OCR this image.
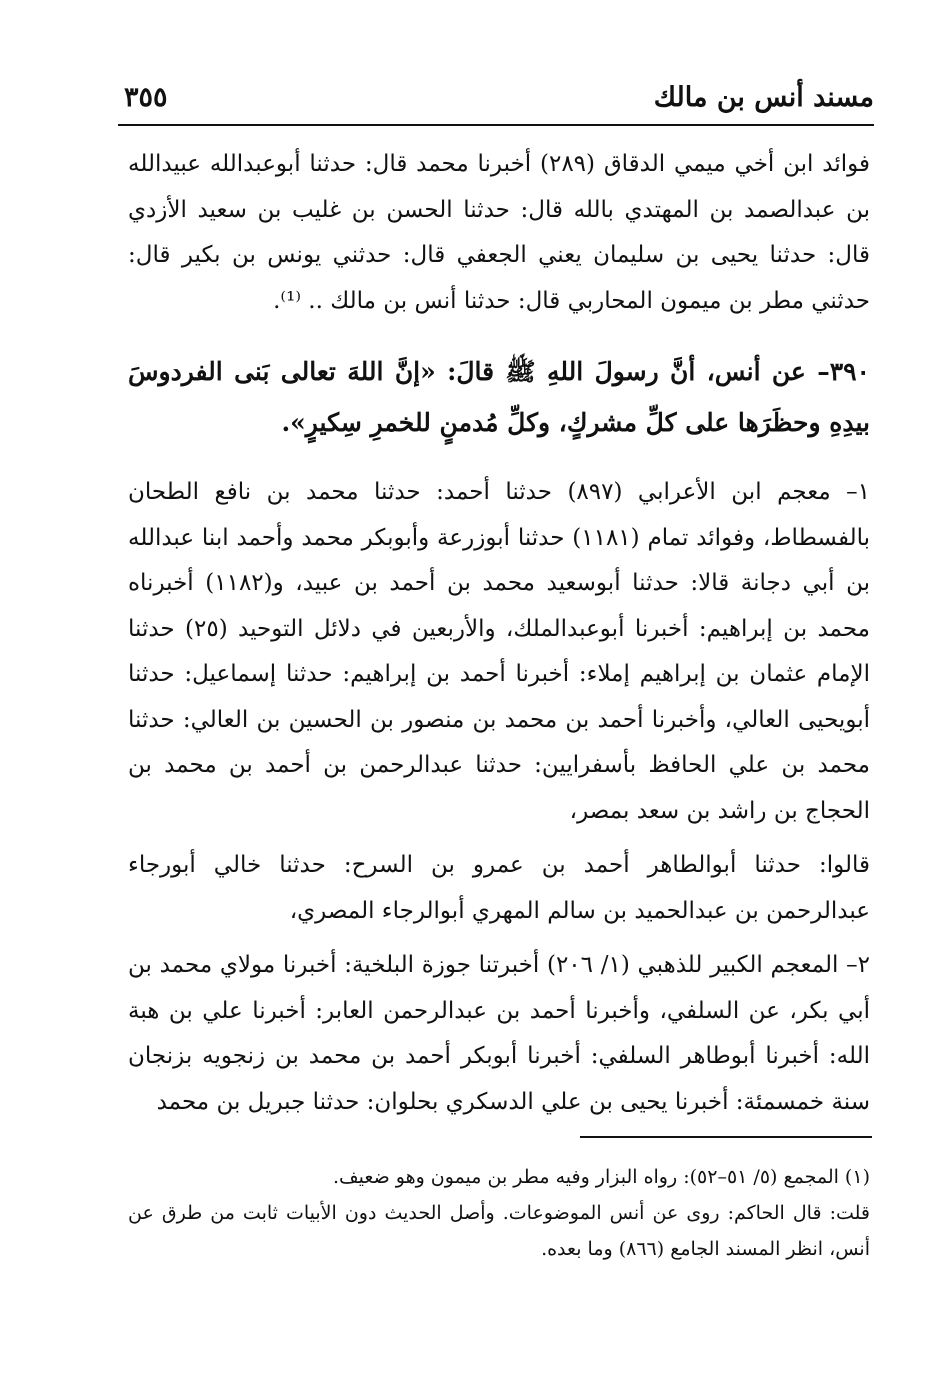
مسند أنس بن مالك
٣٥٥

فوائد ابن أخي ميمي الدقاق (٢٨٩) أخبرنا محمد قال: حدثنا أبوعبدالله عبيدالله بن عبدالصمد بن المهتدي بالله قال: حدثنا الحسن بن غليب بن سعيد الأزدي قال: حدثنا يحيى بن سليمان يعني الجعفي قال: حدثني يونس بن بكير قال: حدثني مطر بن ميمون المحاربي قال: حدثنا أنس بن مالك .. ⁽¹⁾.

٣٩٠– عن أنس، أنَّ رسولَ اللهِ ﷺ قالَ: «إنَّ اللهَ تعالى بَنى الفردوسَ بيدِهِ وحظَرَها على كلِّ مشركٍ، وكلِّ مُدمنٍ للخمرِ سِكيرٍ».

١– معجم ابن الأعرابي (٨٩٧) حدثنا أحمد: حدثنا محمد بن نافع الطحان بالفسطاط، وفوائد تمام (١١٨١) حدثنا أبوزرعة وأبوبكر محمد وأحمد ابنا عبدالله بن أبي دجانة قالا: حدثنا أبوسعيد محمد بن أحمد بن عبيد، و(١١٨٢) أخبرناه محمد بن إبراهيم: أخبرنا أبوعبدالملك، والأربعين في دلائل التوحيد (٢٥) حدثنا الإمام عثمان بن إبراهيم إملاء: أخبرنا أحمد بن إبراهيم: حدثنا إسماعيل: حدثنا أبويحيى العالي، وأخبرنا أحمد بن محمد بن منصور بن الحسين بن العالي: حدثنا محمد بن علي الحافظ بأسفرايين: حدثنا عبدالرحمن بن أحمد بن محمد بن الحجاج بن راشد بن سعد بمصر،

قالوا: حدثنا أبوالطاهر أحمد بن عمرو بن السرح: حدثنا خالي أبورجاء عبدالرحمن بن عبدالحميد بن سالم المهري أبوالرجاء المصري،

٢– المعجم الكبير للذهبي (١/ ٢٠٦) أخبرتنا جوزة البلخية: أخبرنا مولاي محمد بن أبي بكر، عن السلفي، وأخبرنا أحمد بن عبدالرحمن العابر: أخبرنا علي بن هبة الله: أخبرنا أبوطاهر السلفي: أخبرنا أبوبكر أحمد بن محمد بن زنجويه بزنجان سنة خمسمئة: أخبرنا يحيى بن علي الدسكري بحلوان: حدثنا جبريل بن محمد

(١) المجمع (٥/ ٥١–٥٢): رواه البزار وفيه مطر بن ميمون وهو ضعيف.

قلت: قال الحاكم: روى عن أنس الموضوعات. وأصل الحديث دون الأبيات ثابت من طرق عن أنس، انظر المسند الجامع (٨٦٦) وما بعده.
